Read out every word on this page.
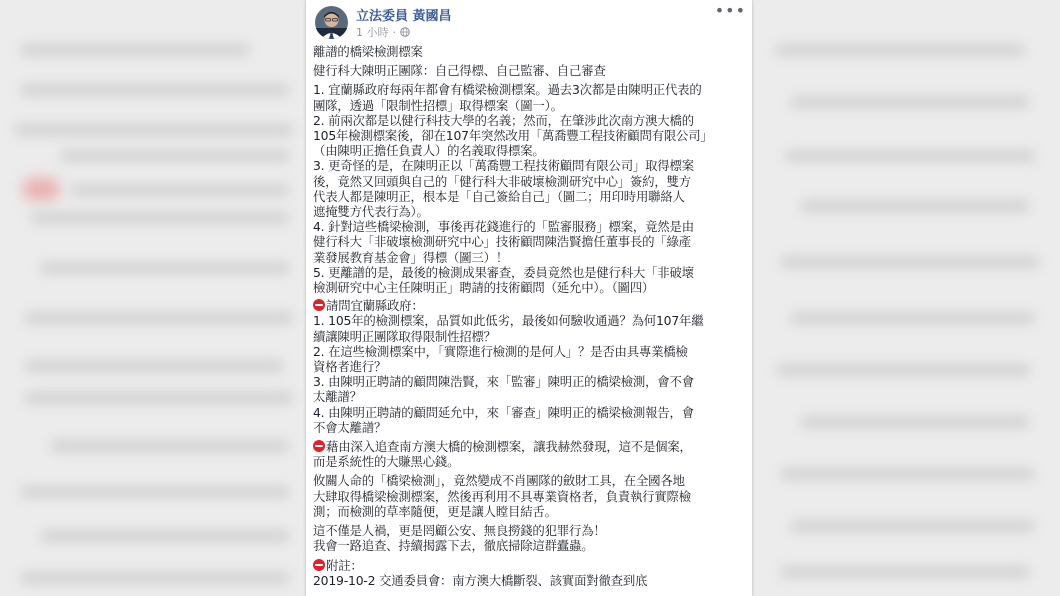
立法委員 黃國昌
1 小時 ·
•••

離譜的橋梁檢測標案

健行科大陳明正團隊：自己得標、自己監審、自己審查

1. 宜蘭縣政府每兩年都會有橋梁檢測標案。過去3次都是由陳明正代表的

團隊，透過「限制性招標」取得標案（圖一）。

2. 前兩次都是以健行科技大學的名義；然而，在肇涉此次南方澳大橋的

105年檢測標案後，卻在107年突然改用「萬喬豐工程技術顧問有限公司」

（由陳明正擔任負責人）的名義取得標案。

3. 更奇怪的是，在陳明正以「萬喬豐工程技術顧問有限公司」取得標案

後，竟然又回頭與自己的「健行科大非破壞檢測研究中心」簽約，雙方

代表人都是陳明正，根本是「自己簽給自己」（圖二；用印時用聯絡人

遮掩雙方代表行為）。

4. 針對這些橋梁檢測，事後再花錢進行的「監審服務」標案，竟然是由

健行科大「非破壞檢測研究中心」技術顧問陳浩賢擔任董事長的「綠產

業發展教育基金會」得標（圖三）！

5. 更離譜的是，最後的檢測成果審查，委員竟然也是健行科大「非破壞

檢測研究中心主任陳明正」聘請的技術顧問（延允中）。（圖四）

請問宜蘭縣政府：

1. 105年的檢測標案，品質如此低劣，最後如何驗收通過？為何107年繼

續讓陳明正團隊取得限制性招標？

2. 在這些檢測標案中，「實際進行檢測的是何人」？是否由具專業橋檢

資格者進行？

3. 由陳明正聘請的顧問陳浩賢，來「監審」陳明正的橋梁檢測，會不會

太離譜？

4. 由陳明正聘請的顧問延允中，來「審查」陳明正的橋梁檢測報告，會

不會太離譜？

藉由深入追查南方澳大橋的檢測標案，讓我赫然發現，這不是個案，

而是系統性的大賺黑心錢。

攸關人命的「橋梁檢測」，竟然變成不肖團隊的斂財工具，在全國各地

大肆取得橋梁檢測標案，然後再利用不具專業資格者，負責執行實際檢

測；而檢測的草率隨便，更是讓人瞠目結舌。

這不僅是人禍，更是罔顧公安、無良撈錢的犯罪行為！

我會一路追查、持續揭露下去，徹底掃除這群蠹蟲。

附註：

2019-10-2 交通委員會：南方澳大橋斷裂、該實面對徹查到底
